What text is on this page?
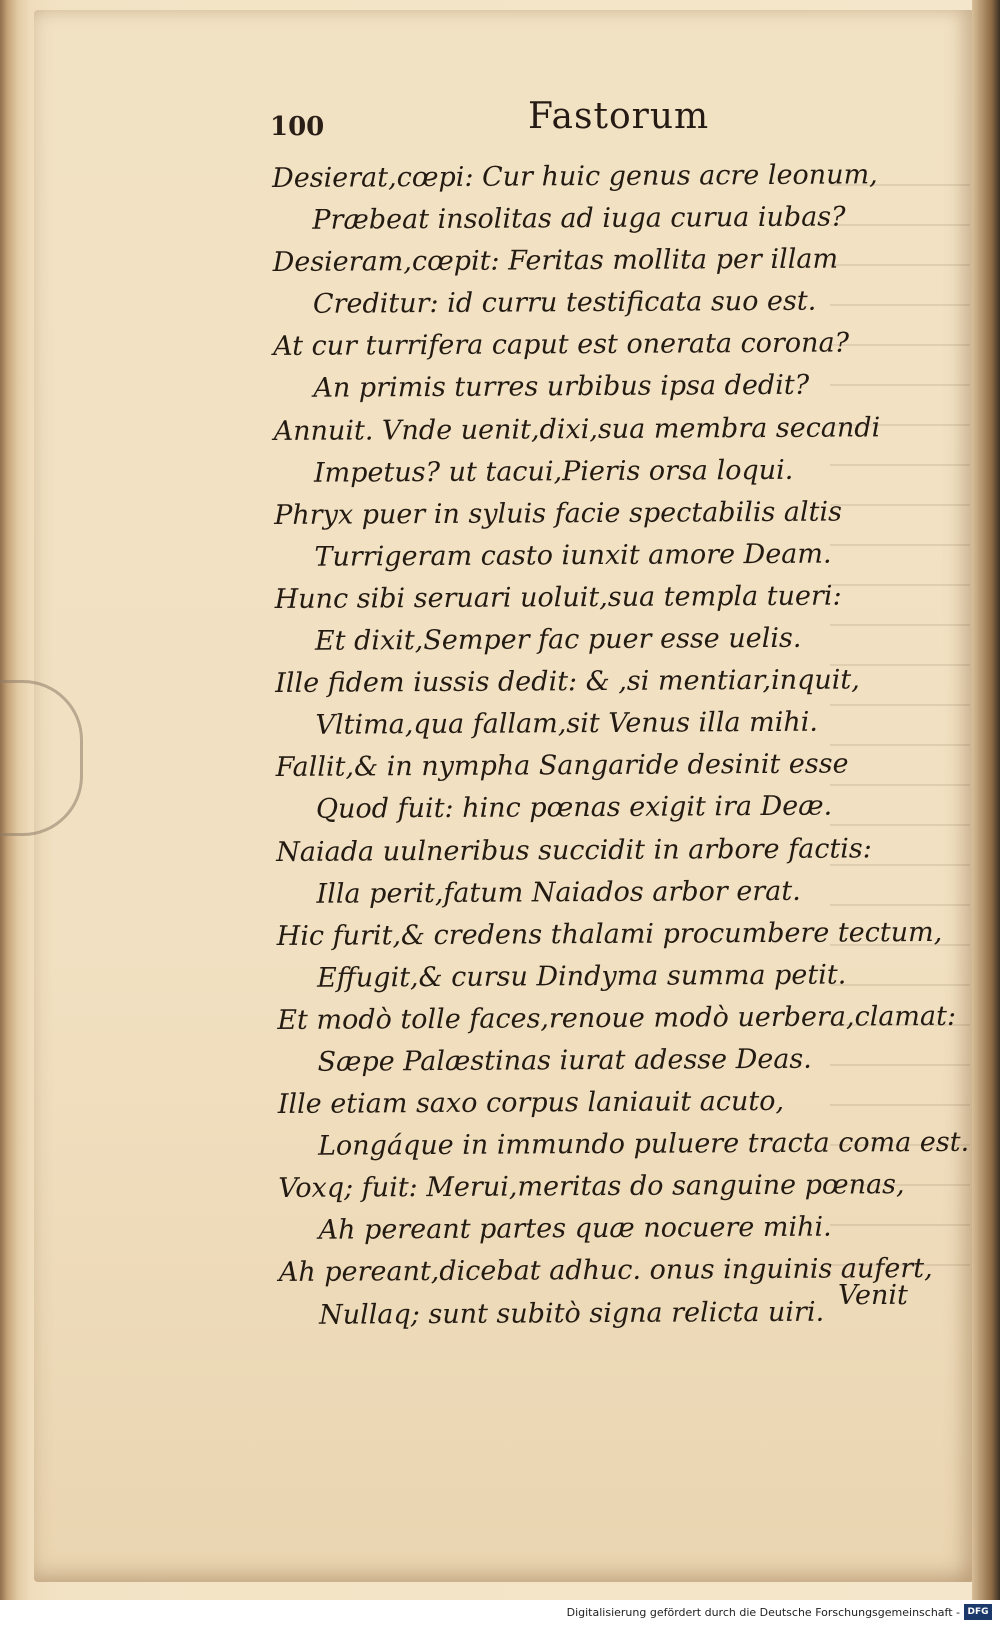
100	Fastorum
Desierat,cœpi: Cur huic genus acre leonum,
Præbeat insolitas ad iuga curua iubas?
Desieram,cœpit: Feritas mollita per illam
Creditur: id curru testificata suo est.
At cur turrifera caput est onerata corona?
An primis turres urbibus ipsa dedit?
Annuit. Vnde uenit,dixi,sua membra secandi
Impetus? ut tacui,Pieris orsa loqui.
Phryx puer in syluis facie spectabilis altis
Turrigeram casto iunxit amore Deam.
Hunc sibi seruari uoluit,sua templa tueri:
Et dixit,Semper fac puer esse uelis.
Ille fidem iussis dedit: & ,si mentiar,inquit,
Vltima,qua fallam,sit Venus illa mihi.
Fallit,& in nympha Sangaride desinit esse
Quod fuit: hinc pœnas exigit ira Deæ.
Naiada uulneribus succidit in arbore factis:
Illa perit,fatum Naiados arbor erat.
Hic furit,& credens thalami procumbere tectum,
Effugit,& cursu Dindyma summa petit.
Et modò tolle faces,renoue modò uerbera,clamat:
Sæpe Palæstinas iurat adesse Deas.
Ille etiam saxo corpus laniauit acuto,
Longáque in immundo puluere tracta coma est.
Voxq; fuit: Merui,meritas do sanguine pœnas,
Ah pereant partes quæ nocuere mihi.
Ah pereant,dicebat adhuc. onus inguinis aufert,
Nullaq; sunt subitò signa relicta uiri.
Venit
Digitalisierung gefördert durch die Deutsche Forschungsgemeinschaft - DFG
